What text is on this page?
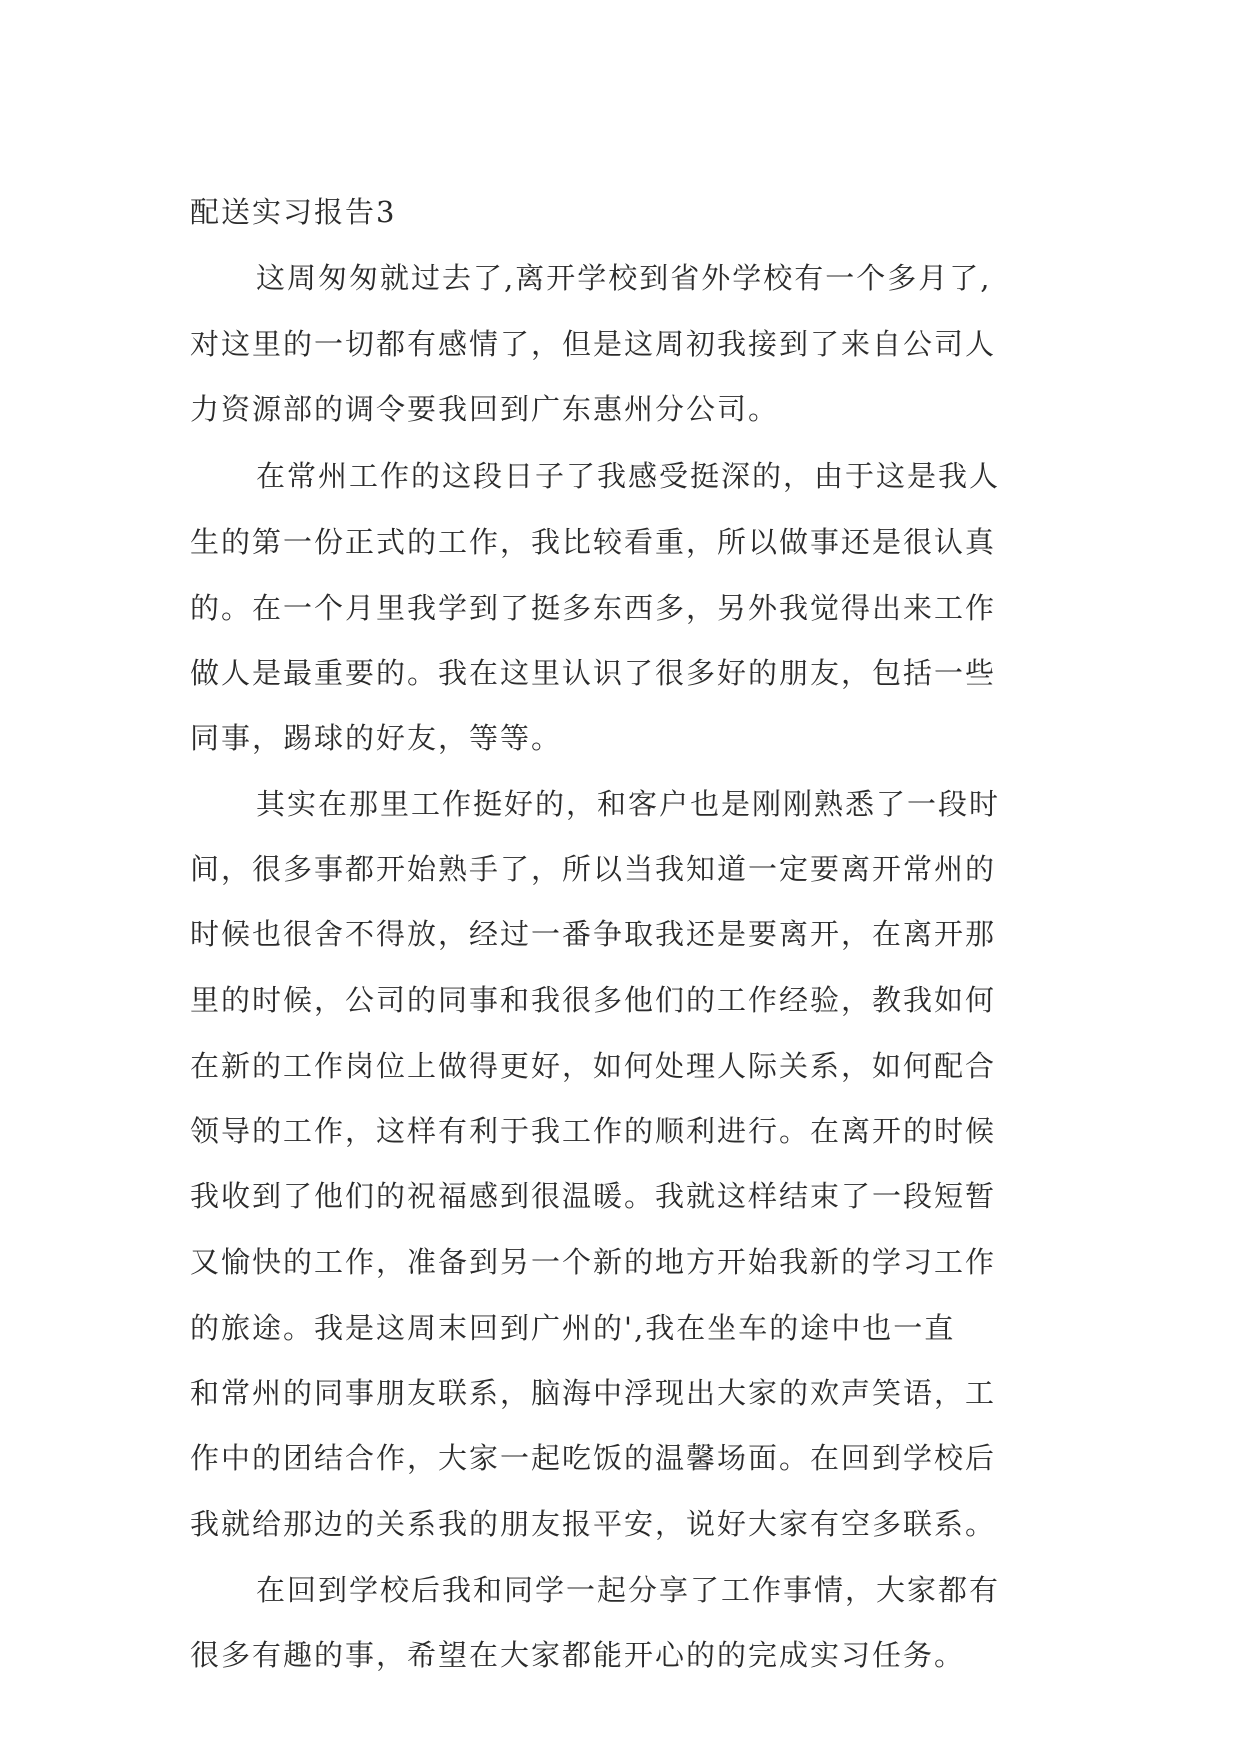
配送实习报告3
这周匆匆就过去了,离开学校到省外学校有一个多月了,
对这里的一切都有感情了，但是这周初我接到了来自公司人
力资源部的调令要我回到广东惠州分公司。
在常州工作的这段日子了我感受挺深的，由于这是我人
生的第一份正式的工作，我比较看重，所以做事还是很认真
的。在一个月里我学到了挺多东西多，另外我觉得出来工作
做人是最重要的。我在这里认识了很多好的朋友，包括一些
同事，踢球的好友，等等。
其实在那里工作挺好的，和客户也是刚刚熟悉了一段时
间，很多事都开始熟手了，所以当我知道一定要离开常州的
时候也很舍不得放，经过一番争取我还是要离开，在离开那
里的时候，公司的同事和我很多他们的工作经验，教我如何
在新的工作岗位上做得更好，如何处理人际关系，如何配合
领导的工作，这样有利于我工作的顺利进行。在离开的时候
我收到了他们的祝福感到很温暖。我就这样结束了一段短暂
又愉快的工作，准备到另一个新的地方开始我新的学习工作
的旅途。我是这周末回到广州的',我在坐车的途中也一直
和常州的同事朋友联系，脑海中浮现出大家的欢声笑语，工
作中的团结合作，大家一起吃饭的温馨场面。在回到学校后
我就给那边的关系我的朋友报平安，说好大家有空多联系。
在回到学校后我和同学一起分享了工作事情，大家都有
很多有趣的事，希望在大家都能开心的的完成实习任务。
